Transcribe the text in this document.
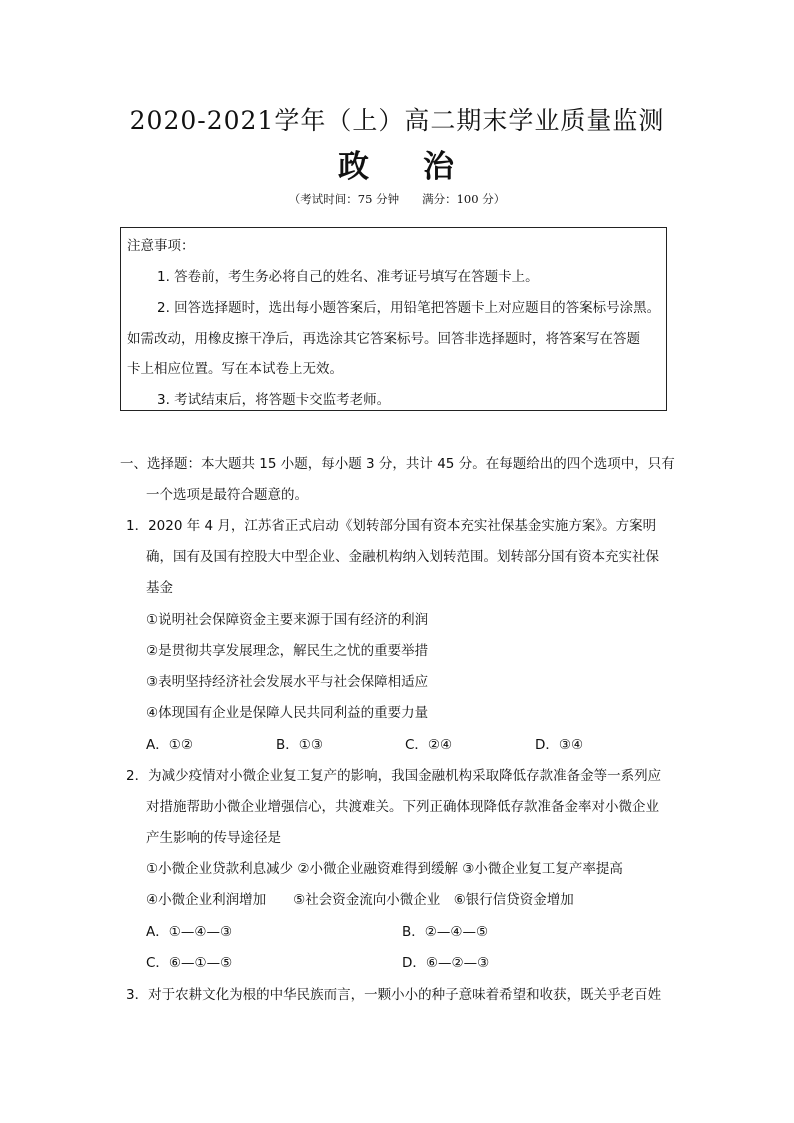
2020-2021学年（上）高二期末学业质量监测
政 治
（考试时间：75 分钟　　满分：100 分）
注意事项：
1. 答卷前，考生务必将自己的姓名、准考证号填写在答题卡上。
2. 回答选择题时，选出每小题答案后，用铅笔把答题卡上对应题目的答案标号涂黑。
如需改动，用橡皮擦干净后，再选涂其它答案标号。回答非选择题时，将答案写在答题
卡上相应位置。写在本试卷上无效。
3. 考试结束后，将答题卡交监考老师。
一、选择题：本大题共 15 小题，每小题 3 分，共计 45 分。在每题给出的四个选项中，只有
一个选项是最符合题意的。
1．2020 年 4 月，江苏省正式启动《划转部分国有资本充实社保基金实施方案》。方案明
确，国有及国有控股大中型企业、金融机构纳入划转范围。划转部分国有资本充实社保
基金
①说明社会保障资金主要来源于国有经济的利润
②是贯彻共享发展理念，解民生之忧的重要举措
③表明坚持经济社会发展水平与社会保障相适应
④体现国有企业是保障人民共同利益的重要力量
A．①②	B．①③	C．②④	D．③④
2．为减少疫情对小微企业复工复产的影响，我国金融机构采取降低存款准备金等一系列应
对措施帮助小微企业增强信心，共渡难关。下列正确体现降低存款准备金率对小微企业
产生影响的传导途径是
①小微企业贷款利息减少 ②小微企业融资难得到缓解 ③小微企业复工复产率提高
④小微企业利润增加　　⑤社会资金流向小微企业　⑥银行信贷资金增加
A．①—④—③	B．②—④—⑤
C．⑥—①—⑤	D．⑥—②—③
3．对于农耕文化为根的中华民族而言，一颗小小的种子意味着希望和收获，既关乎老百姓
